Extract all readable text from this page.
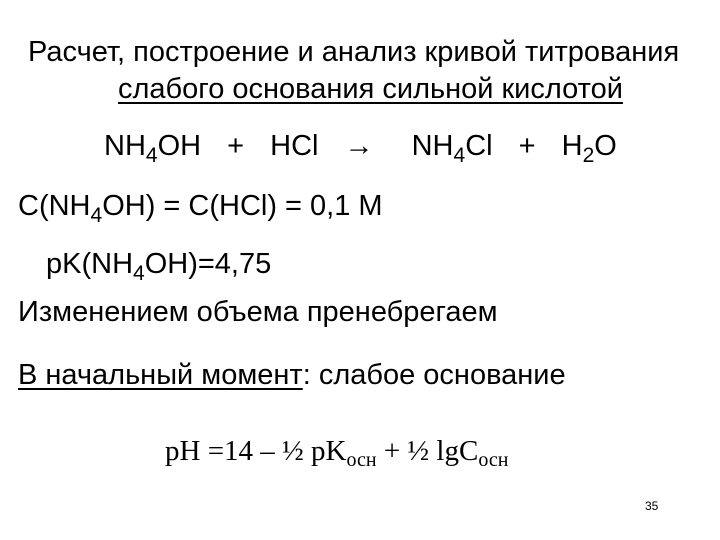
Расчет, построение и анализ кривой титрования
слабого основания сильной кислотой
$NH_4OH$ + HCl → $NH_4Cl + H_2O$
$C(NH_4OH) = C(HCl) = 0,1$ M
$pK(NH_4OH)=4,75$
Изменением объема пренебрегаем
В начальный момент: слабое основание
pH =14 – ½ $pK_{осн}$ + ½ lgC$_{осн}$
35
